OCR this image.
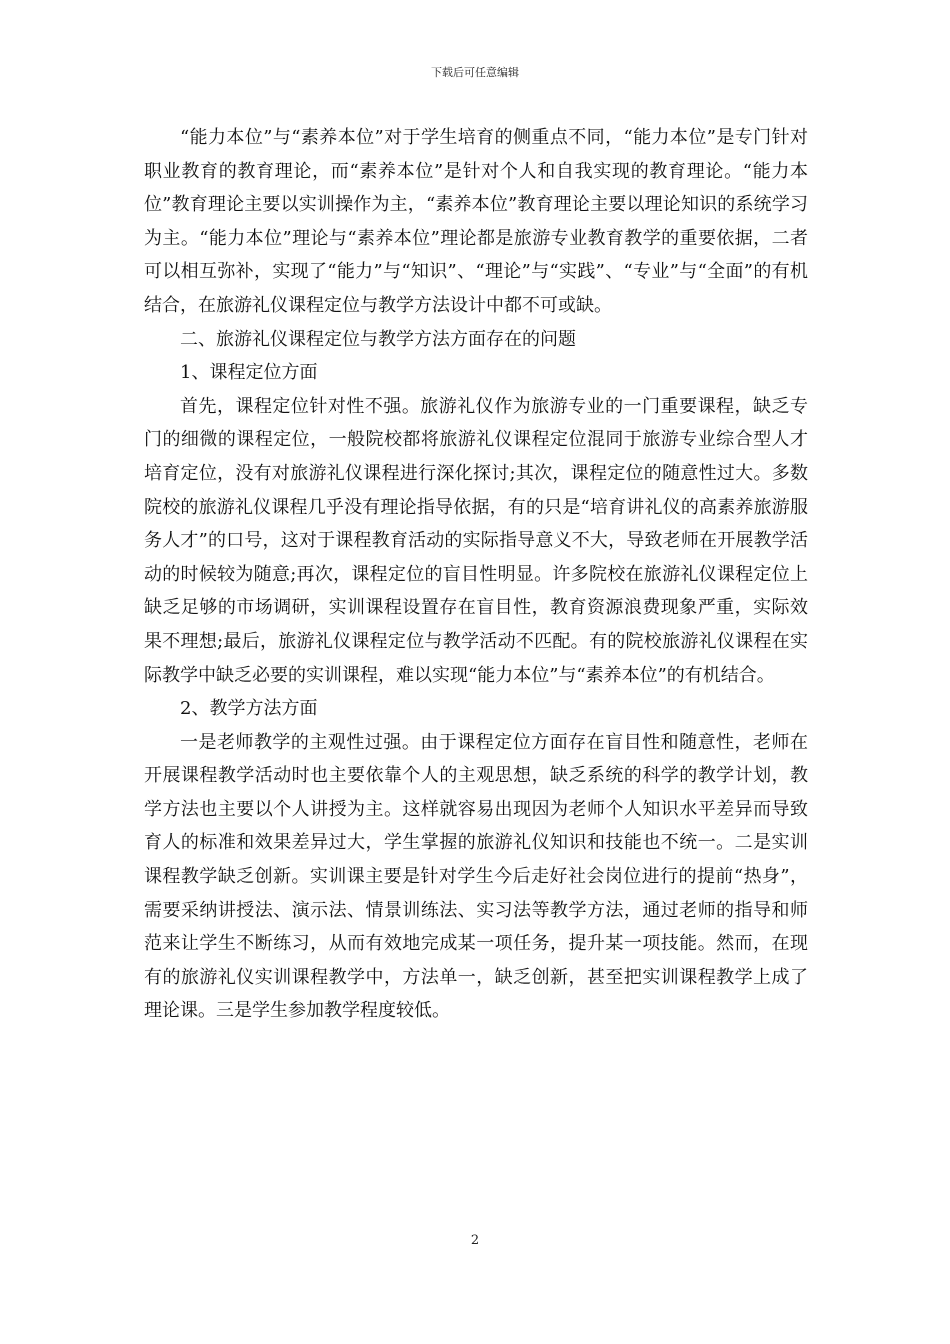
下载后可任意编辑

“能力本位”与“素养本位”对于学生培育的侧重点不同，“能力本位”是专门针对职业教育的教育理论，而“素养本位”是针对个人和自我实现的教育理论。“能力本位”教育理论主要以实训操作为主，“素养本位”教育理论主要以理论知识的系统学习为主。“能力本位”理论与“素养本位”理论都是旅游专业教育教学的重要依据，二者可以相互弥补，实现了“能力”与“知识”、“理论”与“实践”、“专业”与“全面”的有机结合，在旅游礼仪课程定位与教学方法设计中都不可或缺。

二、旅游礼仪课程定位与教学方法方面存在的问题

1、课程定位方面

首先，课程定位针对性不强。旅游礼仪作为旅游专业的一门重要课程，缺乏专门的细微的课程定位，一般院校都将旅游礼仪课程定位混同于旅游专业综合型人才培育定位，没有对旅游礼仪课程进行深化探讨;其次，课程定位的随意性过大。多数院校的旅游礼仪课程几乎没有理论指导依据，有的只是“培育讲礼仪的高素养旅游服务人才”的口号，这对于课程教育活动的实际指导意义不大，导致老师在开展教学活动的时候较为随意;再次，课程定位的盲目性明显。许多院校在旅游礼仪课程定位上缺乏足够的市场调研，实训课程设置存在盲目性，教育资源浪费现象严重，实际效果不理想;最后，旅游礼仪课程定位与教学活动不匹配。有的院校旅游礼仪课程在实际教学中缺乏必要的实训课程，难以实现“能力本位”与“素养本位”的有机结合。

2、教学方法方面

一是老师教学的主观性过强。由于课程定位方面存在盲目性和随意性，老师在开展课程教学活动时也主要依靠个人的主观思想，缺乏系统的科学的教学计划，教学方法也主要以个人讲授为主。这样就容易出现因为老师个人知识水平差异而导致育人的标准和效果差异过大，学生掌握的旅游礼仪知识和技能也不统一。二是实训课程教学缺乏创新。实训课主要是针对学生今后走好社会岗位进行的提前“热身”，需要采纳讲授法、演示法、情景训练法、实习法等教学方法，通过老师的指导和师范来让学生不断练习，从而有效地完成某一项任务，提升某一项技能。然而，在现有的旅游礼仪实训课程教学中，方法单一，缺乏创新，甚至把实训课程教学上成了理论课。三是学生参加教学程度较低。

2
